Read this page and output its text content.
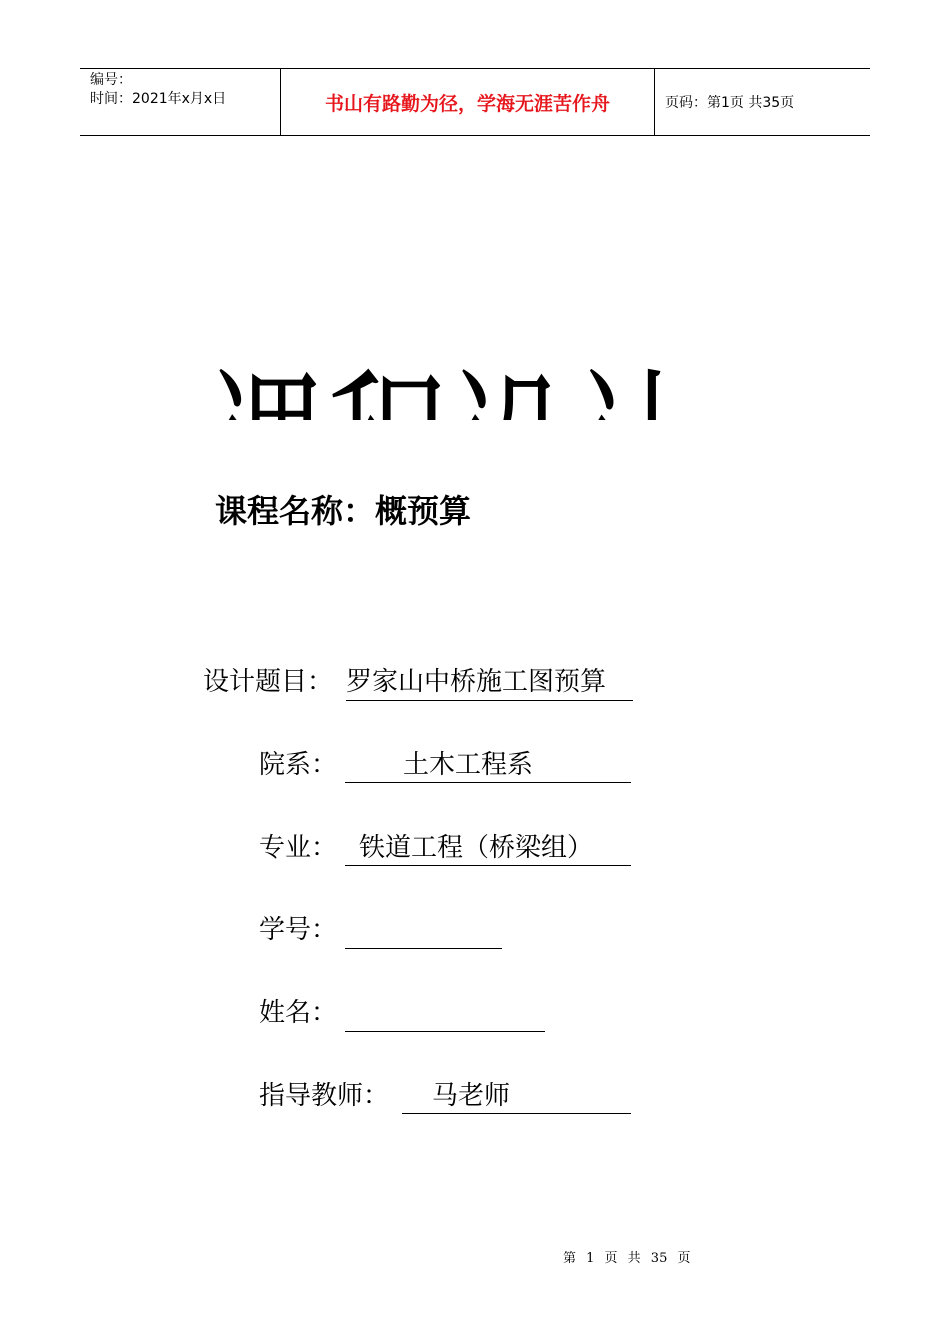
编号：
时间：2021年x月x日	书山有路勤为径，学海无涯苦作舟	页码：第1页 共35页
课程名称：概预算
设计题目： 罗家山中桥施工图预算
院系：	土木工程系
专业： 铁道工程（桥梁组）
学号：
姓名：
指导教师：	马老师
第 1 页 共 35 页
